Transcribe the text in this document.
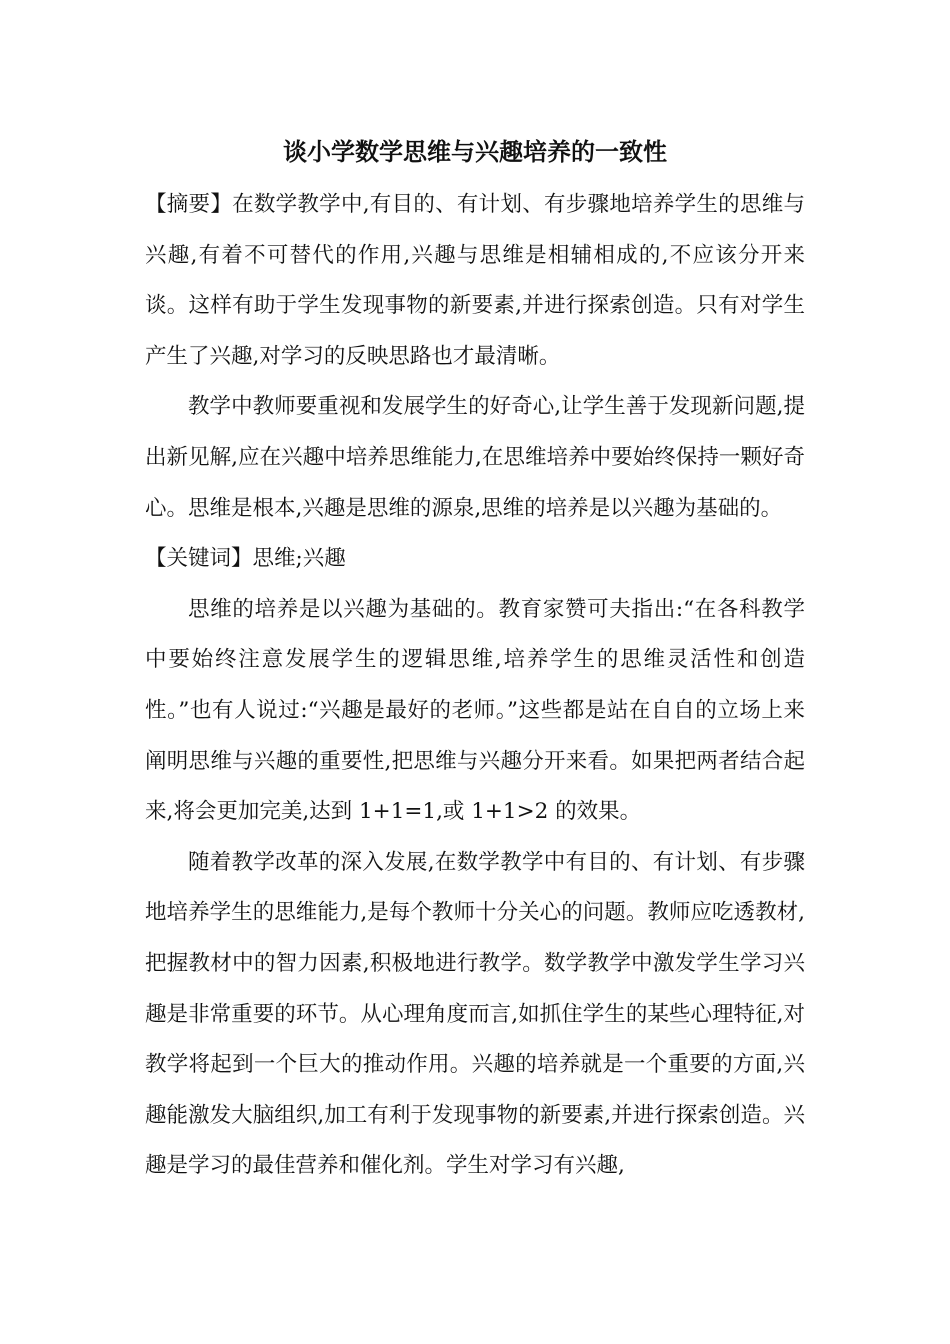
谈小学数学思维与兴趣培养的一致性

【摘要】在数学教学中,有目的、有计划、有步骤地培养学生的思维与兴趣,有着不可替代的作用,兴趣与思维是相辅相成的,不应该分开来谈。这样有助于学生发现事物的新要素,并进行探索创造。只有对学生产生了兴趣,对学习的反映思路也才最清晰。

教学中教师要重视和发展学生的好奇心,让学生善于发现新问题,提出新见解,应在兴趣中培养思维能力,在思维培养中要始终保持一颗好奇心。思维是根本,兴趣是思维的源泉,思维的培养是以兴趣为基础的。

【关键词】思维;兴趣

思维的培养是以兴趣为基础的。教育家赞可夫指出:“在各科教学中要始终注意发展学生的逻辑思维,培养学生的思维灵活性和创造性。”也有人说过:“兴趣是最好的老师。”这些都是站在自自的立场上来阐明思维与兴趣的重要性,把思维与兴趣分开来看。如果把两者结合起来,将会更加完美,达到 1+1=1,或 1+1>2 的效果。

随着教学改革的深入发展,在数学教学中有目的、有计划、有步骤地培养学生的思维能力,是每个教师十分关心的问题。教师应吃透教材,把握教材中的智力因素,积极地进行教学。数学教学中激发学生学习兴趣是非常重要的环节。从心理角度而言,如抓住学生的某些心理特征,对教学将起到一个巨大的推动作用。兴趣的培养就是一个重要的方面,兴趣能激发大脑组织,加工有利于发现事物的新要素,并进行探索创造。兴趣是学习的最佳营养和催化剂。学生对学习有兴趣,
